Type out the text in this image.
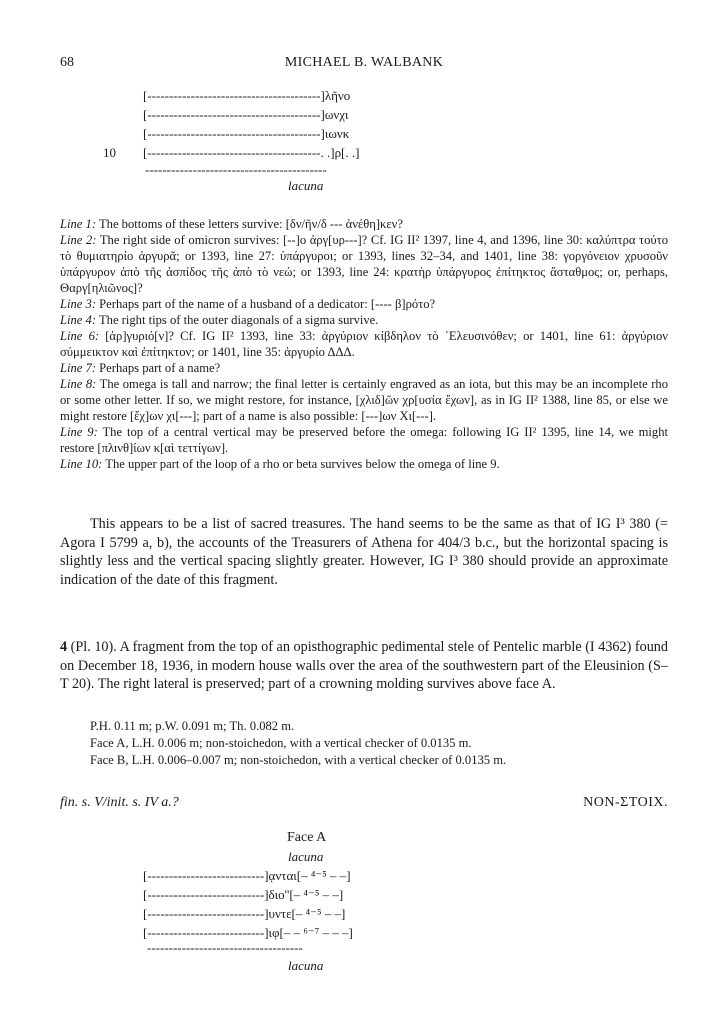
68	MICHAEL B. WALBANK
[----------------------------------------]λῆνο
[----------------------------------------]ωνχι
[----------------------------------------]ιωνκ
10 [----------------------------------------. .]ρ[. .]
------------------------------------------
lacuna

Line 1: The bottoms of these letters survive: [δν/ῆν/δ --- ἀνέθη]κεν?

Line 2: The right side of omicron survives: [--]ο ἀργ[υρ---]? Cf. IG II² 1397, line 4, and 1396, line 30: καλύπτρα τούτο τὸ θυμιατηρίο ἀργυρᾶ; or 1393, line 27: ὑπάργυροι; or 1393, lines 32–34, and 1401, line 38: γοργόνειον χρυσοῦν ὑπάργυρον ἀπὸ τῆς ἀσπίδος τῆς ἀπὸ τὸ νεώ; or 1393, line 24: κρατὴρ ὑπάργυρος ἐπίτηκτος ἄσταθμος; or, perhaps, Θαργ[ηλιῶνος]?

Line 3: Perhaps part of the name of a husband of a dedicator: [---- β]ρότο?

Line 4: The right tips of the outer diagonals of a sigma survive.

Line 6: [ἀρ]γυριό[ν]? Cf. IG II² 1393, line 33: ἀργύριον κίβδηλον τὸ ᾿Ελευσινόθεν; or 1401, line 61: ἀργύριον σύμμεικτον καὶ ἐπίτηκτον; or 1401, line 35: ἀργυρίο ΔΔΔ.

Line 7: Perhaps part of a name?

Line 8: The omega is tall and narrow; the final letter is certainly engraved as an iota, but this may be an incomplete rho or some other letter. If so, we might restore, for instance, [χλιδ]ῶν χρ[υσία ἔχων], as in IG II² 1388, line 85, or else we might restore [ἔχ]ων χι[---]; part of a name is also possible: [---]ων Χι[---].

Line 9: The top of a central vertical may be preserved before the omega: following IG II² 1395, line 14, we might restore [πλινθ]ίων κ[αὶ τεττίγων].

Line 10: The upper part of the loop of a rho or beta survives below the omega of line 9.

This appears to be a list of sacred treasures. The hand seems to be the same as that of IG I³ 380 (= Agora I 5799 a, b), the accounts of the Treasurers of Athena for 404/3 b.c., but the horizontal spacing is slightly less and the vertical spacing slightly greater. However, IG I³ 380 should provide an approximate indication of the date of this fragment.

4 (Pl. 10). A fragment from the top of an opisthographic pedimental stele of Pentelic marble (I 4362) found on December 18, 1936, in modern house walls over the area of the southwestern part of the Eleusinion (S–T 20). The right lateral is preserved; part of a crowning molding survives above face A.

P.H. 0.11 m; p.W. 0.091 m; Th. 0.082 m.
Face A, L.H. 0.006 m; non-stoichedon, with a vertical checker of 0.0135 m.
Face B, L.H. 0.006–0.007 m; non-stoichedon, with a vertical checker of 0.0135 m.
fin. s. V/init. s. IV a.?	NON-ΣΤΟΙΧ.
Face A
lacuna
[---------------------------]ᾳνται[– ⁴⁻⁵ – –]
[---------------------------]διο''[– ⁴⁻⁵ – –]
[---------------------------]υντε[– ⁴⁻⁵ – –]
[---------------------------]ιφ[– – ⁶⁻⁷ – – –]
------------------------------------
lacuna
